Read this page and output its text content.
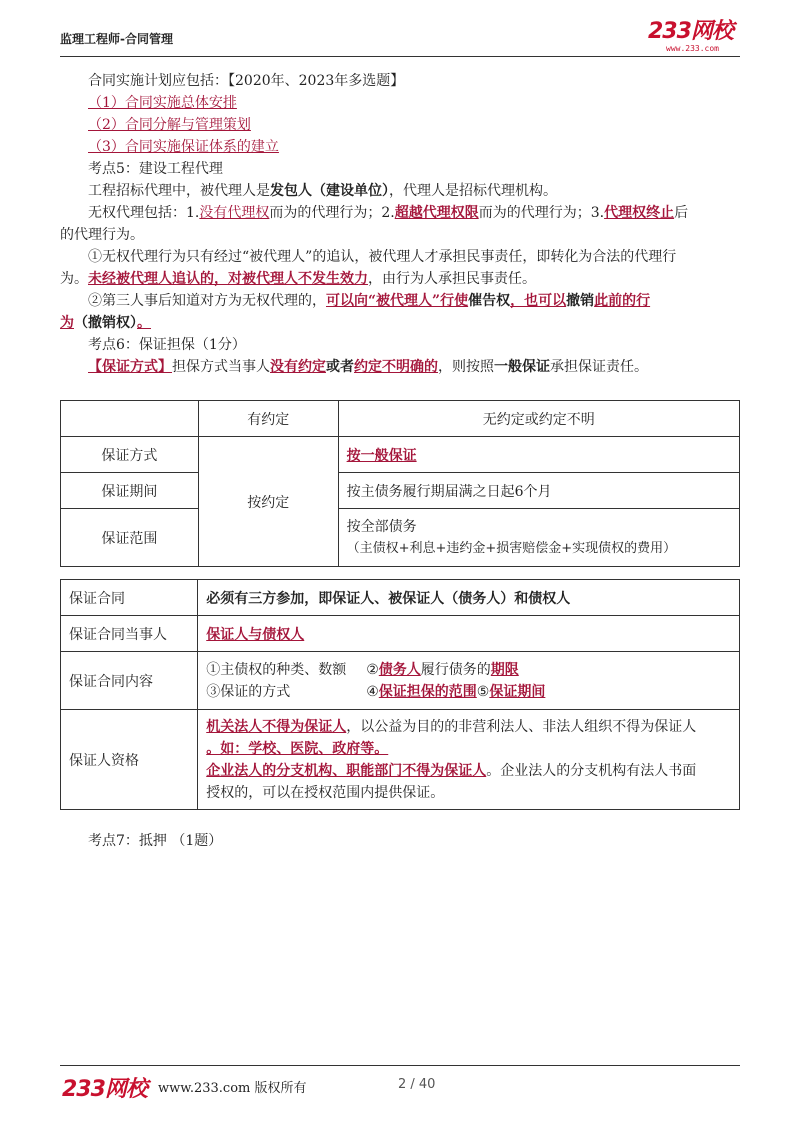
监理工程师-合同管理	233网校
www.233.com
合同实施计划应包括：【2020年、2023年多选题】
（1）合同实施总体安排
（2）合同分解与管理策划
（3）合同实施保证体系的建立
考点5：建设工程代理
工程招标代理中，被代理人是发包人（建设单位），代理人是招标代理机构。
无权代理包括：1.没有代理权而为的代理行为；2.超越代理权限而为的代理行为；3.代理权终止后
的代理行为。
①无权代理行为只有经过“被代理人”的追认，被代理人才承担民事责任，即转化为合法的代理行
为。未经被代理人追认的，对被代理人不发生效力，由行为人承担民事责任。
②第三人事后知道对方为无权代理的，可以向“被代理人”行使催告权，也可以撤销此前的行
为（撤销权）。
考点6：保证担保（1分）
【保证方式】担保方式当事人没有约定或者约定不明确的，则按照一般保证承担保证责任。
	有约定	无约定或约定不明
保证方式	按约定	按一般保证
保证期间		按主债务履行期届满之日起6个月
保证范围		按全部债务
（主债权+利息+违约金+损害赔偿金+实现债权的费用）
保证合同	必须有三方参加，即保证人、被保证人（债务人）和债权人
保证合同当事人	保证人与债权人
保证合同内容	①主债权的种类、数额 ②债务人履行债务的期限
③保证的方式 ④保证担保的范围⑤保证期间

保证人资格	机关法人不得为保证人，以公益为目的的非营利法人、非法人组织不得为保证人
。如：学校、医院、政府等。
企业法人的分支机构、职能部门不得为保证人。企业法人的分支机构有法人书面
授权的，可以在授权范围内提供保证。
考点7：抵押 （1题）
233网校 www.233.com 版权所有	2 / 40
